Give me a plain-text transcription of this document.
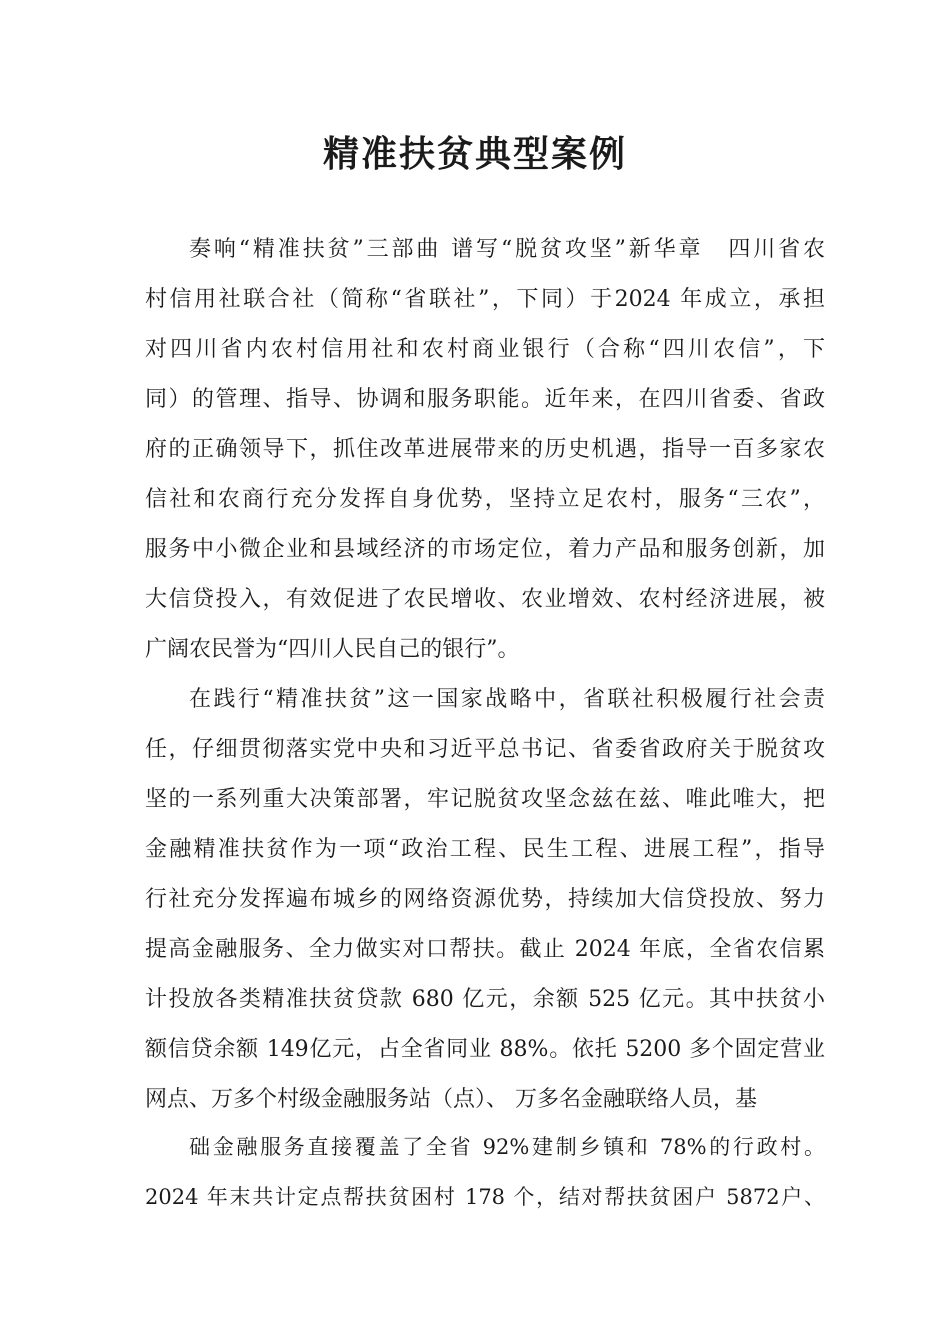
精准扶贫典型案例
奏响“精准扶贫”三部曲 谱写“脱贫攻坚”新华章　四川省农
村信用社联合社（简称“省联社”，下同）于2024 年成立，承担
对四川省内农村信用社和农村商业银行（合称“四川农信”，下
同）的管理、指导、协调和服务职能。近年来，在四川省委、省政
府的正确领导下，抓住改革进展带来的历史机遇，指导一百多家农
信社和农商行充分发挥自身优势，坚持立足农村，服务“三农”，
服务中小微企业和县域经济的市场定位，着力产品和服务创新，加
大信贷投入，有效促进了农民增收、农业增效、农村经济进展，被
广阔农民誉为“四川人民自己的银行”。
在践行“精准扶贫”这一国家战略中，省联社积极履行社会责
任，仔细贯彻落实党中央和习近平总书记、省委省政府关于脱贫攻
坚的一系列重大决策部署，牢记脱贫攻坚念兹在兹、唯此唯大，把
金融精准扶贫作为一项“政治工程、民生工程、进展工程”，指导
行社充分发挥遍布城乡的网络资源优势，持续加大信贷投放、努力
提高金融服务、全力做实对口帮扶。截止 2024 年底，全省农信累
计投放各类精准扶贫贷款 680 亿元，余额 525 亿元。其中扶贫小
额信贷余额 149亿元，占全省同业 88%。依托 5200 多个固定营业
网点、万多个村级金融服务站（点）、 万多名金融联络人员，基
础金融服务直接覆盖了全省 92%建制乡镇和 78%的行政村。
2024 年末共计定点帮扶贫困村 178 个，结对帮扶贫困户 5872户、
